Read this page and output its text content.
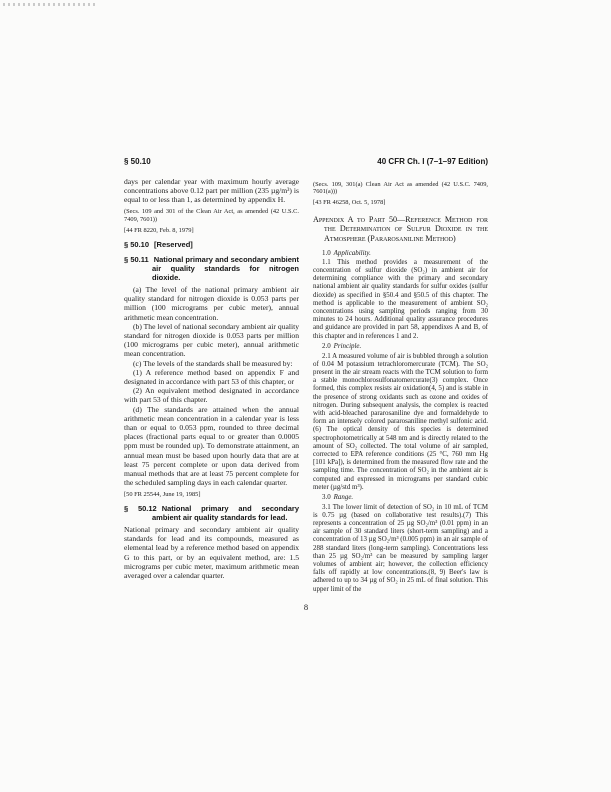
§ 50.10	40 CFR Ch. I (7–1–97 Edition)

days per calendar year with maximum hourly average concentrations above 0.12 part per million (235 µg/m³) is equal to or less than 1, as determined by appendix H.

(Secs. 109 and 301 of the Clean Air Act, as amended (42 U.S.C. 7409, 7601))

[44 FR 8220, Feb. 8, 1979]

§ 50.10 [Reserved]
§ 50.11 National primary and secondary ambient air quality standards for nitrogen dioxide.

(a) The level of the national primary ambient air quality standard for nitrogen dioxide is 0.053 parts per million (100 micrograms per cubic meter), annual arithmetic mean concentration.

(b) The level of national secondary ambient air quality standard for nitrogen dioxide is 0.053 parts per million (100 micrograms per cubic meter), annual arithmetic mean concentration.

(c) The levels of the standards shall be measured by:

(1) A reference method based on appendix F and designated in accordance with part 53 of this chapter, or

(2) An equivalent method designated in accordance with part 53 of this chapter.

(d) The standards are attained when the annual arithmetic mean concentration in a calendar year is less than or equal to 0.053 ppm, rounded to three decimal places (fractional parts equal to or greater than 0.0005 ppm must be rounded up). To demonstrate attainment, an annual mean must be based upon hourly data that are at least 75 percent complete or upon data derived from manual methods that are at least 75 percent complete for the scheduled sampling days in each calendar quarter.

[50 FR 25544, June 19, 1985]

§ 50.12 National primary and secondary ambient air quality standards for lead.

National primary and secondary ambient air quality standards for lead and its compounds, measured as elemental lead by a reference method based on appendix G to this part, or by an equivalent method, are: 1.5 micrograms per cubic meter, maximum arithmetic mean averaged over a calendar quarter.

(Secs. 109, 301(a) Clean Air Act as amended (42 U.S.C. 7409, 7601(a)))

[43 FR 46258, Oct. 5, 1978]

Appendix A to Part 50—Reference Method for the Determination of Sulfur Dioxide in the Atmosphere (Pararosaniline Method)

1.0 Applicability.

1.1 This method provides a measurement of the concentration of sulfur dioxide (SO₂) in ambient air for determining compliance with the primary and secondary national ambient air quality standards for sulfur oxides (sulfur dioxide) as specified in §50.4 and §50.5 of this chapter. The method is applicable to the measurement of ambient SO₂ concentrations using sampling periods ranging from 30 minutes to 24 hours. Additional quality assurance procedures and guidance are provided in part 58, appendixes A and B, of this chapter and in references 1 and 2.

2.0 Principle.

2.1 A measured volume of air is bubbled through a solution of 0.04 M potassium tetrachloromercurate (TCM). The SO₂ present in the air stream reacts with the TCM solution to form a stable monochlorosulfonatomercurate(3) complex. Once formed, this complex resists air oxidation(4, 5) and is stable in the presence of strong oxidants such as ozone and oxides of nitrogen. During subsequent analysis, the complex is reacted with acid-bleached pararosaniline dye and formaldehyde to form an intensely colored pararosaniline methyl sulfonic acid.(6) The optical density of this species is determined spectrophotometrically at 548 nm and is directly related to the amount of SO₂ collected. The total volume of air sampled, corrected to EPA reference conditions (25 °C, 760 mm Hg [101 kPa]), is determined from the measured flow rate and the sampling time. The concentration of SO₂ in the ambient air is computed and expressed in micrograms per standard cubic meter (µg/std m³).

3.0 Range.

3.1 The lower limit of detection of SO₂ in 10 mL of TCM is 0.75 µg (based on collaborative test results).(7) This represents a concentration of 25 µg SO₂/m³ (0.01 ppm) in an air sample of 30 standard liters (short-term sampling) and a concentration of 13 µg SO₂/m³ (0.005 ppm) in an air sample of 288 standard liters (long-term sampling). Concentrations less than 25 µg SO₂/m³ can be measured by sampling larger volumes of ambient air; however, the collection efficiency falls off rapidly at low concentrations.(8, 9) Beer's law is adhered to up to 34 µg of SO₂ in 25 mL of final solution. This upper limit of the

8
